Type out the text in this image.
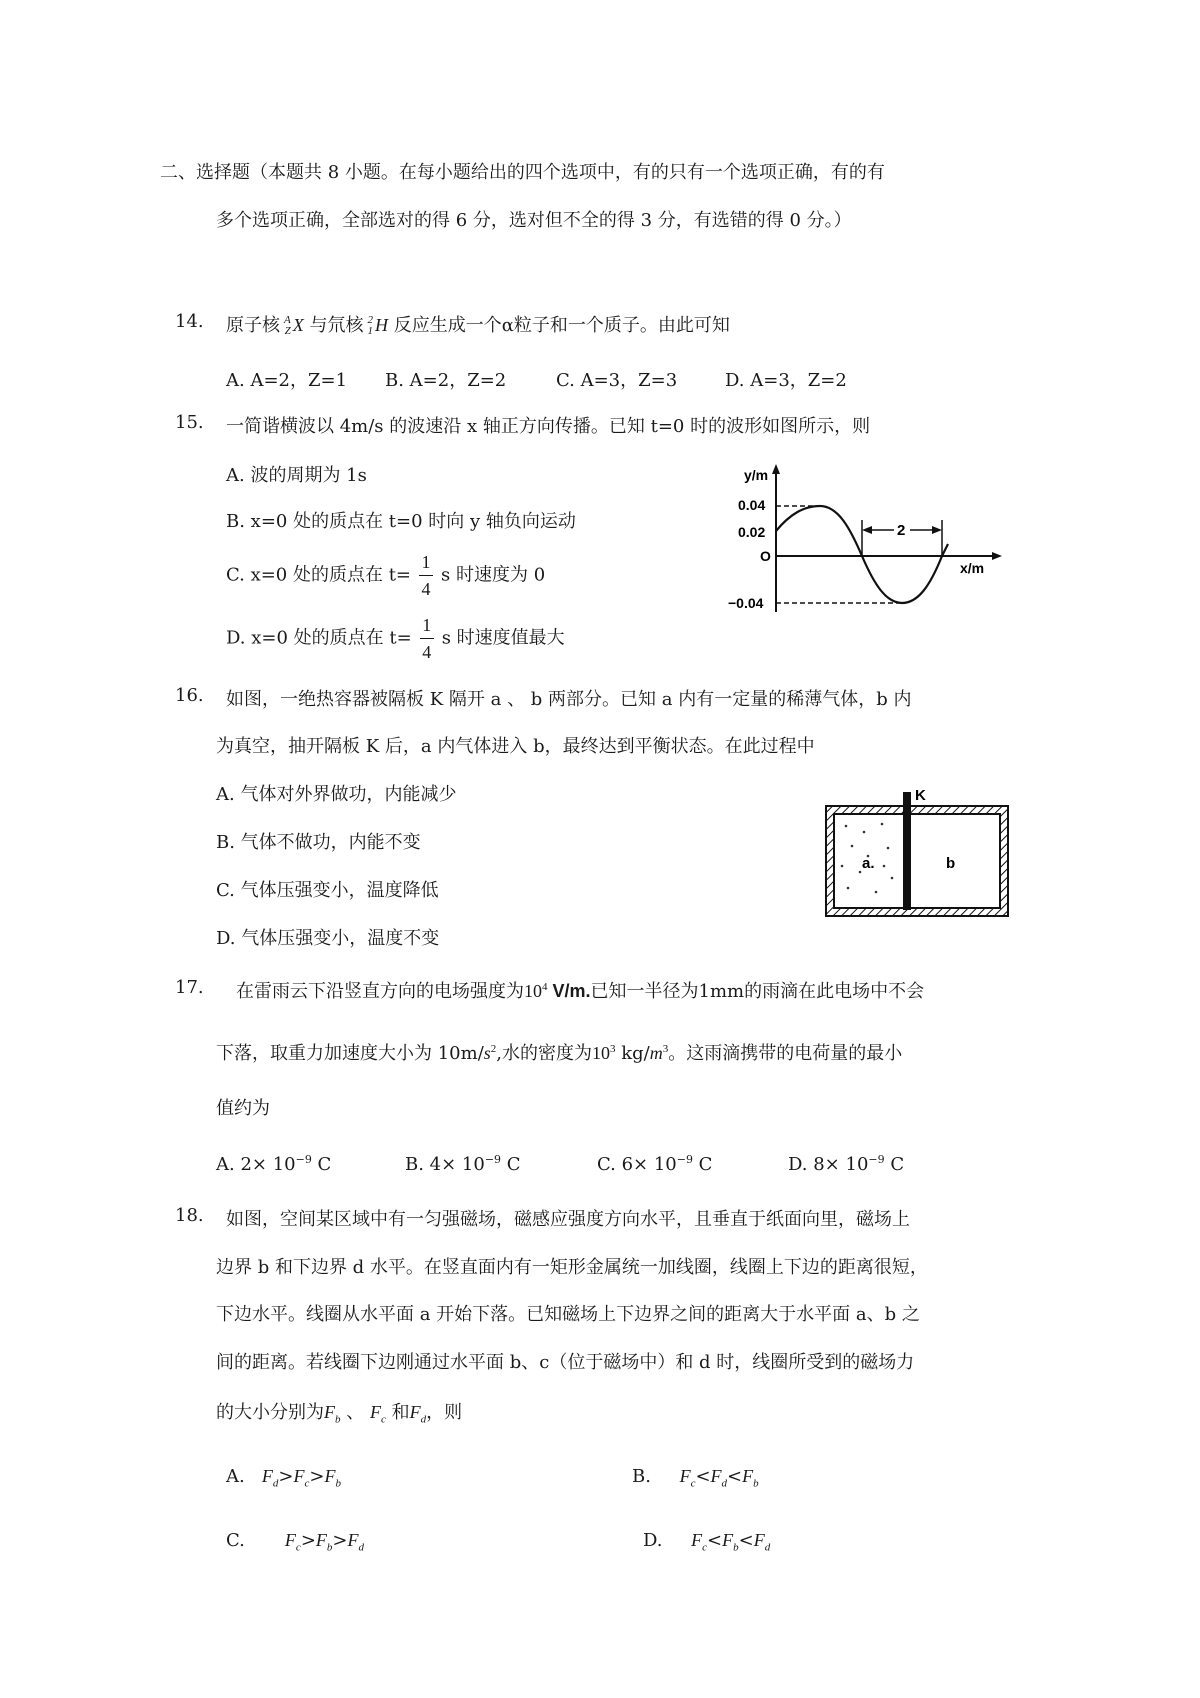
二、选择题（本题共 8 小题。在每小题给出的四个选项中，有的只有一个选项正确，有的有
多个选项正确，全部选对的得 6 分，选对但不全的得 3 分，有选错的得 0 分。）
14. 原子核 A
Z X 与氘核 2
1 H 反应生成一个α粒子和一个质子。由此可知
A. A=2，Z=1 B. A=2，Z=2	C. A=3，Z=3	D. A=3，Z=2
15. 一简谐横波以 4m/s 的波速沿 x 轴正方向传播。已知 t=0 时的波形如图所示，则
A. 波的周期为 1s
B. x=0 处的质点在 t=0 时向 y 轴负向运动
C. x=0 处的质点在 $t= \frac{1}{4}$ s 时速度为 0
D. x=0 处的质点在 $t= \frac{1}{4}$ s 时速度值最大
y/m
x/m
0.04
0.02
O
−0.04
2
16. 如图，一绝热容器被隔板 K 隔开 a 、 b 两部分。已知 a 内有一定量的稀薄气体，b 内
为真空，抽开隔板 K 后，a 内气体进入 b，最终达到平衡状态。在此过程中
A. 气体对外界做功，内能减少
B. 气体不做功，内能不变
C. 气体压强变小，温度降低
D. 气体压强变小，温度不变
K
a.	b
17. 在雷雨云下沿竖直方向的电场强度为$10^4$ V/m.已知一半径为1mm的雨滴在此电场中不会
下落，取重力加速度大小为 $10m/s^2$,水的密度为$10^3$ $kg/m^3$。这雨滴携带的电荷量的最小
值约为
A. $2\times 10^{-9}$ C	B. $4\times 10^{-9}$ C	C. $6\times 10^{-9}$ C	D. $8\times 10^{-9}$ C
18. 如图，空间某区域中有一匀强磁场，磁感应强度方向水平，且垂直于纸面向里，磁场上
边界 b 和下边界 d 水平。在竖直面内有一矩形金属统一加线圈，线圈上下边的距离很短，
下边水平。线圈从水平面 a 开始下落。已知磁场上下边界之间的距离大于水平面 a、b 之
间的距离。若线圈下边刚通过水平面 b、c（位于磁场中）和 d 时，线圈所受到的磁场力
的大小分别为$F_b$ 、 $F_c$ 和$F_d$，则
A. $F_d>F_c>F_b$	B. $F_c<F_d<F_b$
C. $F_c>F_b>F_d$	D. $F_c<F_b<F_d$
